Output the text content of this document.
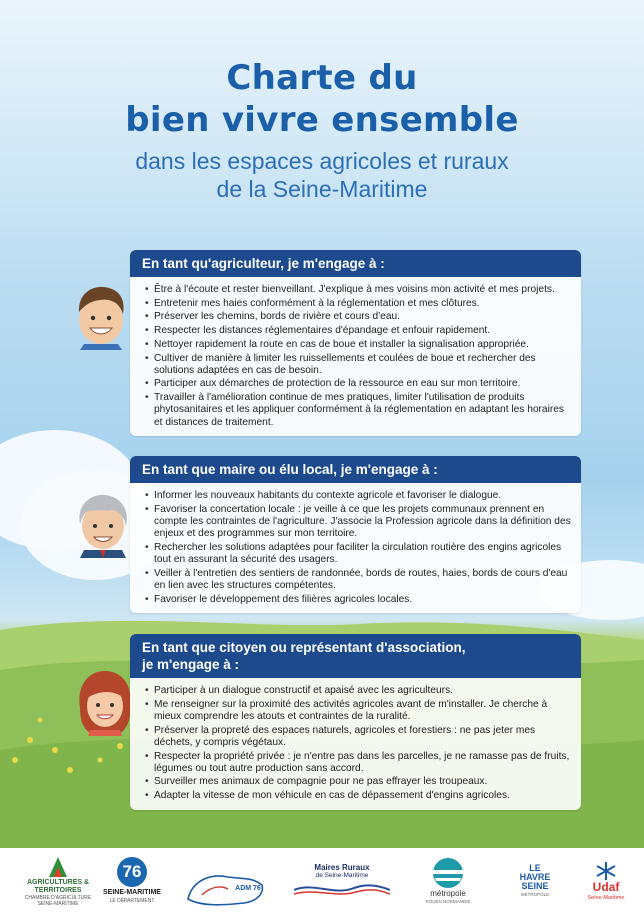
Charte du
bien vivre ensemble
dans les espaces agricoles et ruraux
de la Seine-Maritime
En tant qu'agriculteur, je m'engage à :
• Être à l'écoute et rester bienveillant. J'explique à mes voisins mon activité et mes projets.
• Entretenir mes haies conformément à la réglementation et mes clôtures.
• Préserver les chemins, bords de rivière et cours d'eau.
• Respecter les distances réglementaires d'épandage et enfouir rapidement.
• Nettoyer rapidement la route en cas de boue et installer la signalisation appropriée.
• Cultiver de manière à limiter les ruissellements et coulées de boue et rechercher des solutions adaptées en cas de besoin.
• Participer aux démarches de protection de la ressource en eau sur mon territoire.
• Travailler à l'amélioration continue de mes pratiques, limiter l'utilisation de produits phytosanitaires et les appliquer conformément à la réglementation en adaptant les horaires et distances de traitement.
En tant que maire ou élu local, je m'engage à :
• Informer les nouveaux habitants du contexte agricole et favoriser le dialogue.
• Favoriser la concertation locale : je veille à ce que les projets communaux prennent en compte les contraintes de l'agriculture. J'associe la Profession agricole dans la définition des enjeux et des programmes sur mon territoire.
• Rechercher les solutions adaptées pour faciliter la circulation routière des engins agricoles tout en assurant la sécurité des usagers.
• Veiller à l'entretien des sentiers de randonnée, bords de routes, haies, bords de cours d'eau en lien avec les structures compétentes.
• Favoriser le développement des filières agricoles locales.
En tant que citoyen ou représentant d'association,
je m'engage à :
• Participer à un dialogue constructif et apaisé avec les agriculteurs.
• Me renseigner sur la proximité des activités agricoles avant de m'installer. Je cherche à mieux comprendre les atouts et contraintes de la ruralité.
• Préserver la propreté des espaces naturels, agricoles et forestiers : ne pas jeter mes déchets, y compris végétaux.
• Respecter la propriété privée : je n'entre pas dans les parcelles, je ne ramasse pas de fruits, légumes ou tout autre production sans accord.
• Surveiller mes animaux de compagnie pour ne pas effrayer les troupeaux.
• Adapter la vitesse de mon véhicule en cas de dépassement d'engins agricoles.
AGRICULTURES & TERRITOIRES
CHAMBRE D'AGRICULTURE SEINE-MARITIME
76
SEINE-MARITIME
LE DÉPARTEMENT
ADM 76
Maires Ruraux
de Seine-Maritime
métropole
ROUEN NORMANDIE
LE
HAVRE
SEINE
MÉTROPOLE
Udaf
Seine-Maritime
